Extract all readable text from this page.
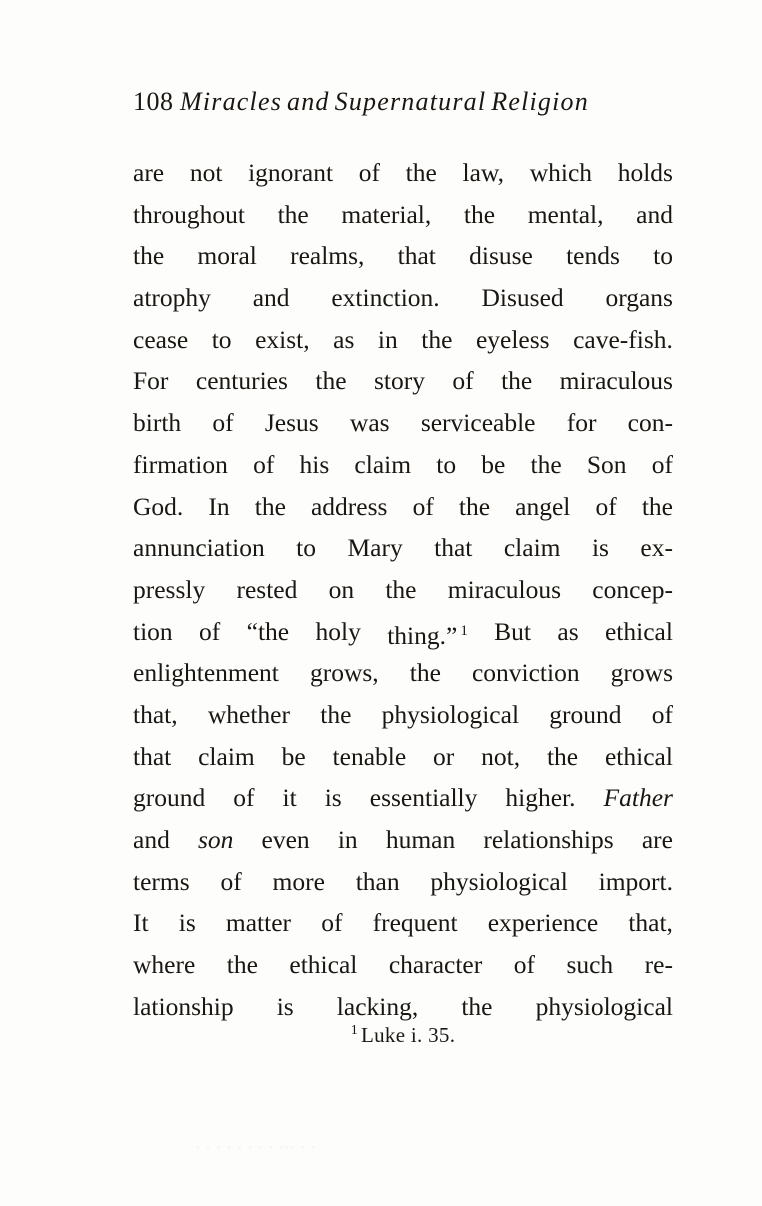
108 Miracles and Supernatural Religion
are not ignorant of the law, which holds
throughout the material, the mental, and
the moral realms, that disuse tends to
atrophy and extinction. Disused organs
cease to exist, as in the eyeless cave-fish.
For centuries the story of the miraculous
birth of Jesus was serviceable for con-
firmation of his claim to be the Son of
God. In the address of the angel of the
annunciation to Mary that claim is ex-
pressly rested on the miraculous concep-
tion of “the holy thing.” 1 But as ethical
enlightenment grows, the conviction grows
that, whether the physiological ground of
that claim be tenable or not, the ethical
ground of it is essentially higher. Father
and son even in human relationships are
terms of more than physiological import.
It is matter of frequent experience that,
where the ethical character of such re-
lationship is lacking, the physiological
$^1$ Luke i. 35.
. . . . . . . . ... . .
